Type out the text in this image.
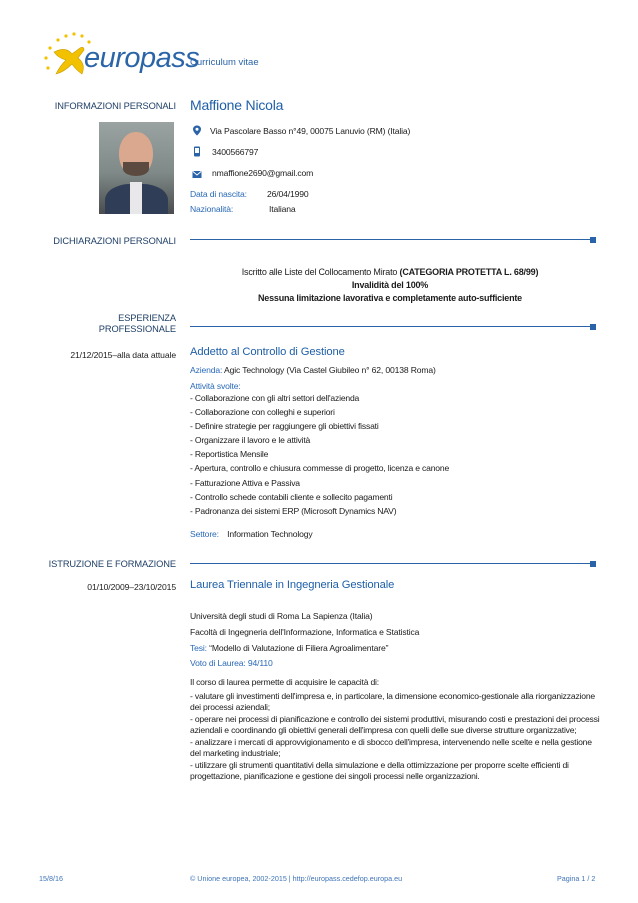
europass
Curriculum vitae
INFORMAZIONI PERSONALI Maffione Nicola
Via Pascolare Basso n°49, 00075 Lanuvio (RM) (Italia)
3400566797
nmaffione2690@gmail.com
Data di nascita: 26/04/1990
Nazionalità:	Italiana
DICHIARAZIONI PERSONALI
Iscritto alle Liste del Collocamento Mirato (CATEGORIA PROTETTA L. 68/99)
Invalidità del 100%
Nessuna limitazione lavorativa e completamente auto-sufficiente
ESPERIENZA
PROFESSIONALE
21/12/2015–alla data attuale Addetto al Controllo di Gestione
Azienda: Agic Technology (Via Castel Giubileo n° 62, 00138 Roma)
Attività svolte:
- Collaborazione con gli altri settori dell'azienda
- Collaborazione con colleghi e superiori
- Definire strategie per raggiungere gli obiettivi fissati
- Organizzare il lavoro e le attività
- Reportistica Mensile
- Apertura, controllo e chiusura commesse di progetto, licenza e canone
- Fatturazione Attiva e Passiva
- Controllo schede contabili cliente e sollecito pagamenti
- Padronanza dei sistemi ERP (Microsoft Dynamics NAV)
Settore: Information Technology
ISTRUZIONE E FORMAZIONE
01/10/2009–23/10/2015 Laurea Triennale in Ingegneria Gestionale
Università degli studi di Roma La Sapienza (Italia)
Facoltà di Ingegneria dell'Informazione, Informatica e Statistica
Tesi: “Modello di Valutazione di Filiera Agroalimentare”
Voto di Laurea: 94/110
Il corso di laurea permette di acquisire le capacità di:
- valutare gli investimenti dell'impresa e, in particolare, la dimensione economico-gestionale alla riorganizzazione dei processi aziendali;
- operare nei processi di pianificazione e controllo dei sistemi produttivi, misurando costi e prestazioni dei processi aziendali e coordinando gli obiettivi generali dell'impresa con quelli delle sue diverse strutture organizzative;
- analizzare i mercati di approvvigionamento e di sbocco dell'impresa, intervenendo nelle scelte e nella gestione del marketing industriale;
- utilizzare gli strumenti quantitativi della simulazione e della ottimizzazione per proporre scelte efficienti di progettazione, pianificazione e gestione dei singoli processi nelle organizzazioni.
15/8/16	© Unione europea, 2002-2015 | http://europass.cedefop.europa.eu	Pagina 1 / 2
